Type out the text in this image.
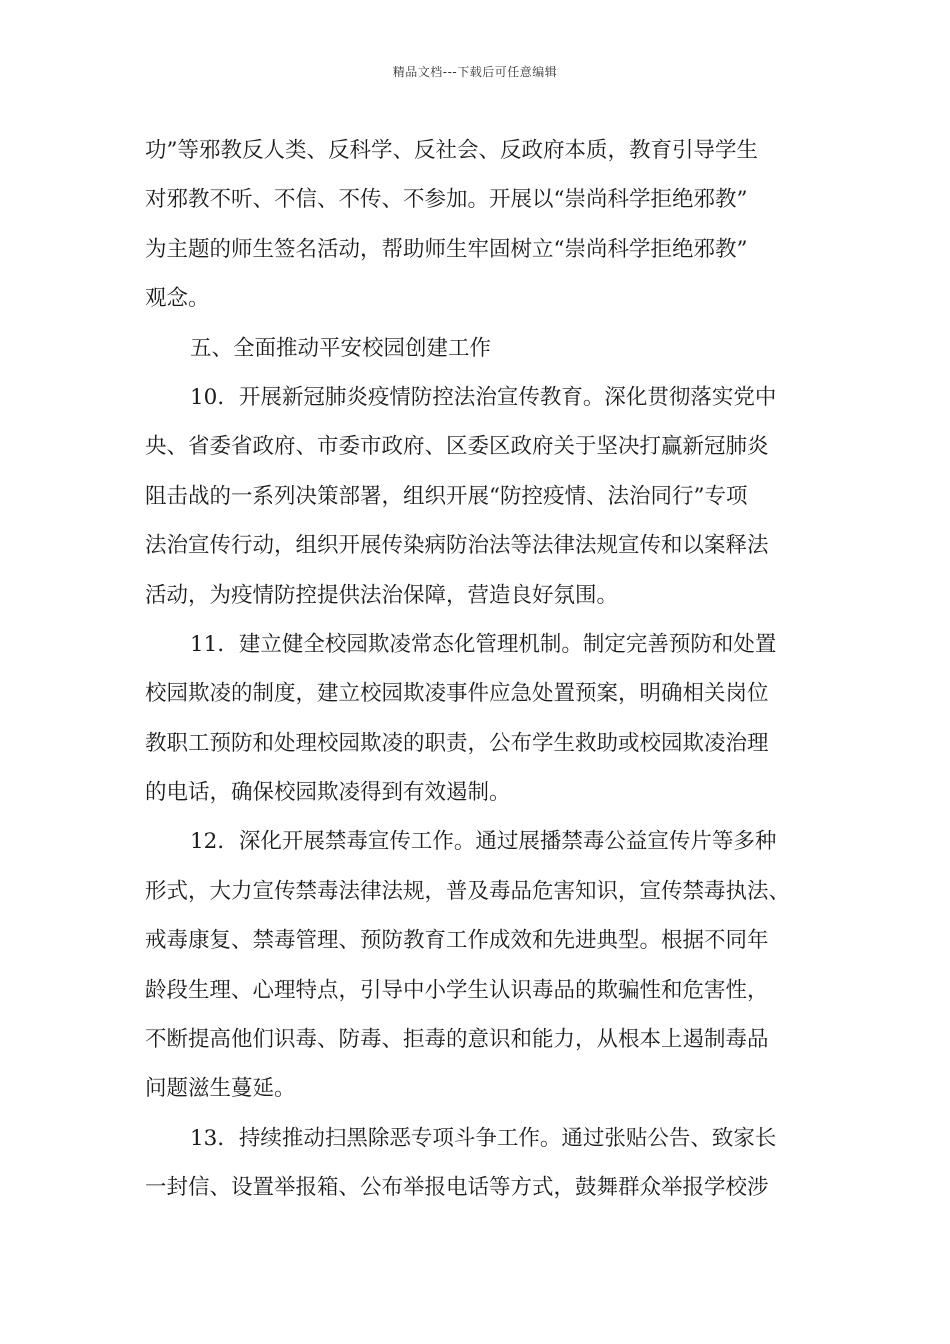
精品文档---下载后可任意编辑
功”等邪教反人类、反科学、反社会、反政府本质，教育引导学生
对邪教不听、不信、不传、不参加。开展以“崇尚科学拒绝邪教”
为主题的师生签名活动，帮助师生牢固树立“崇尚科学拒绝邪教”
观念。
五、全面推动平安校园创建工作
10．开展新冠肺炎疫情防控法治宣传教育。深化贯彻落实党中
央、省委省政府、市委市政府、区委区政府关于坚决打赢新冠肺炎
阻击战的一系列决策部署，组织开展“防控疫情、法治同行”专项
法治宣传行动，组织开展传染病防治法等法律法规宣传和以案释法
活动，为疫情防控提供法治保障，营造良好氛围。
11．建立健全校园欺凌常态化管理机制。制定完善预防和处置
校园欺凌的制度，建立校园欺凌事件应急处置预案，明确相关岗位
教职工预防和处理校园欺凌的职责，公布学生救助或校园欺凌治理
的电话，确保校园欺凌得到有效遏制。
12．深化开展禁毒宣传工作。通过展播禁毒公益宣传片等多种
形式，大力宣传禁毒法律法规，普及毒品危害知识，宣传禁毒执法、
戒毒康复、禁毒管理、预防教育工作成效和先进典型。根据不同年
龄段生理、心理特点，引导中小学生认识毒品的欺骗性和危害性，
不断提高他们识毒、防毒、拒毒的意识和能力，从根本上遏制毒品
问题滋生蔓延。
13．持续推动扫黑除恶专项斗争工作。通过张贴公告、致家长
一封信、设置举报箱、公布举报电话等方式，鼓舞群众举报学校涉
